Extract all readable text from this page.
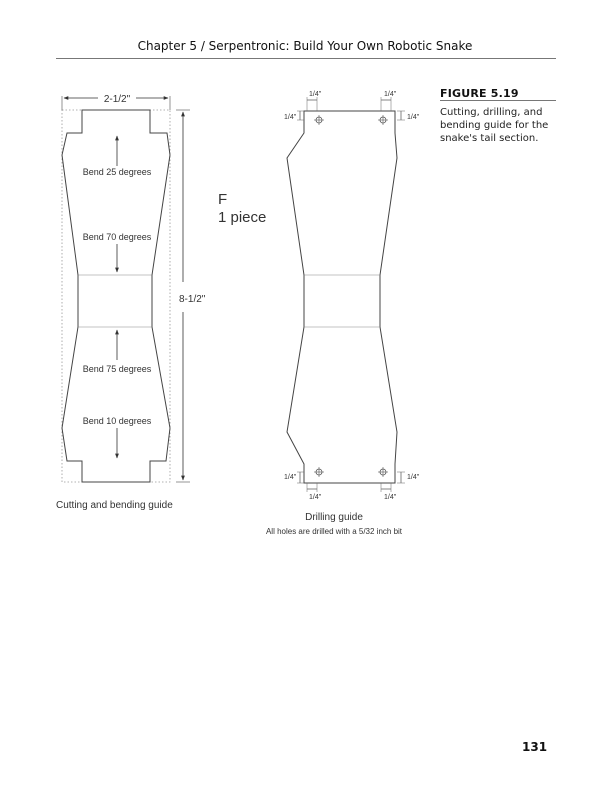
Chapter 5 / Serpentronic: Build Your Own Robotic Snake
FIGURE 5.19
Cutting, drilling, and bending guide for the snake's tail section.
2-1/2"
8-1/2"
Bend 25 degrees
Bend 70 degrees
Bend 75 degrees
Bend 10 degrees
Cutting and bending guide
F
1 piece
1/4"	1/4"
1/4"	1/4"
1/4"	1/4"
1/4"	1/4"
Drilling guide
All holes are drilled with a 5/32 inch bit
131
